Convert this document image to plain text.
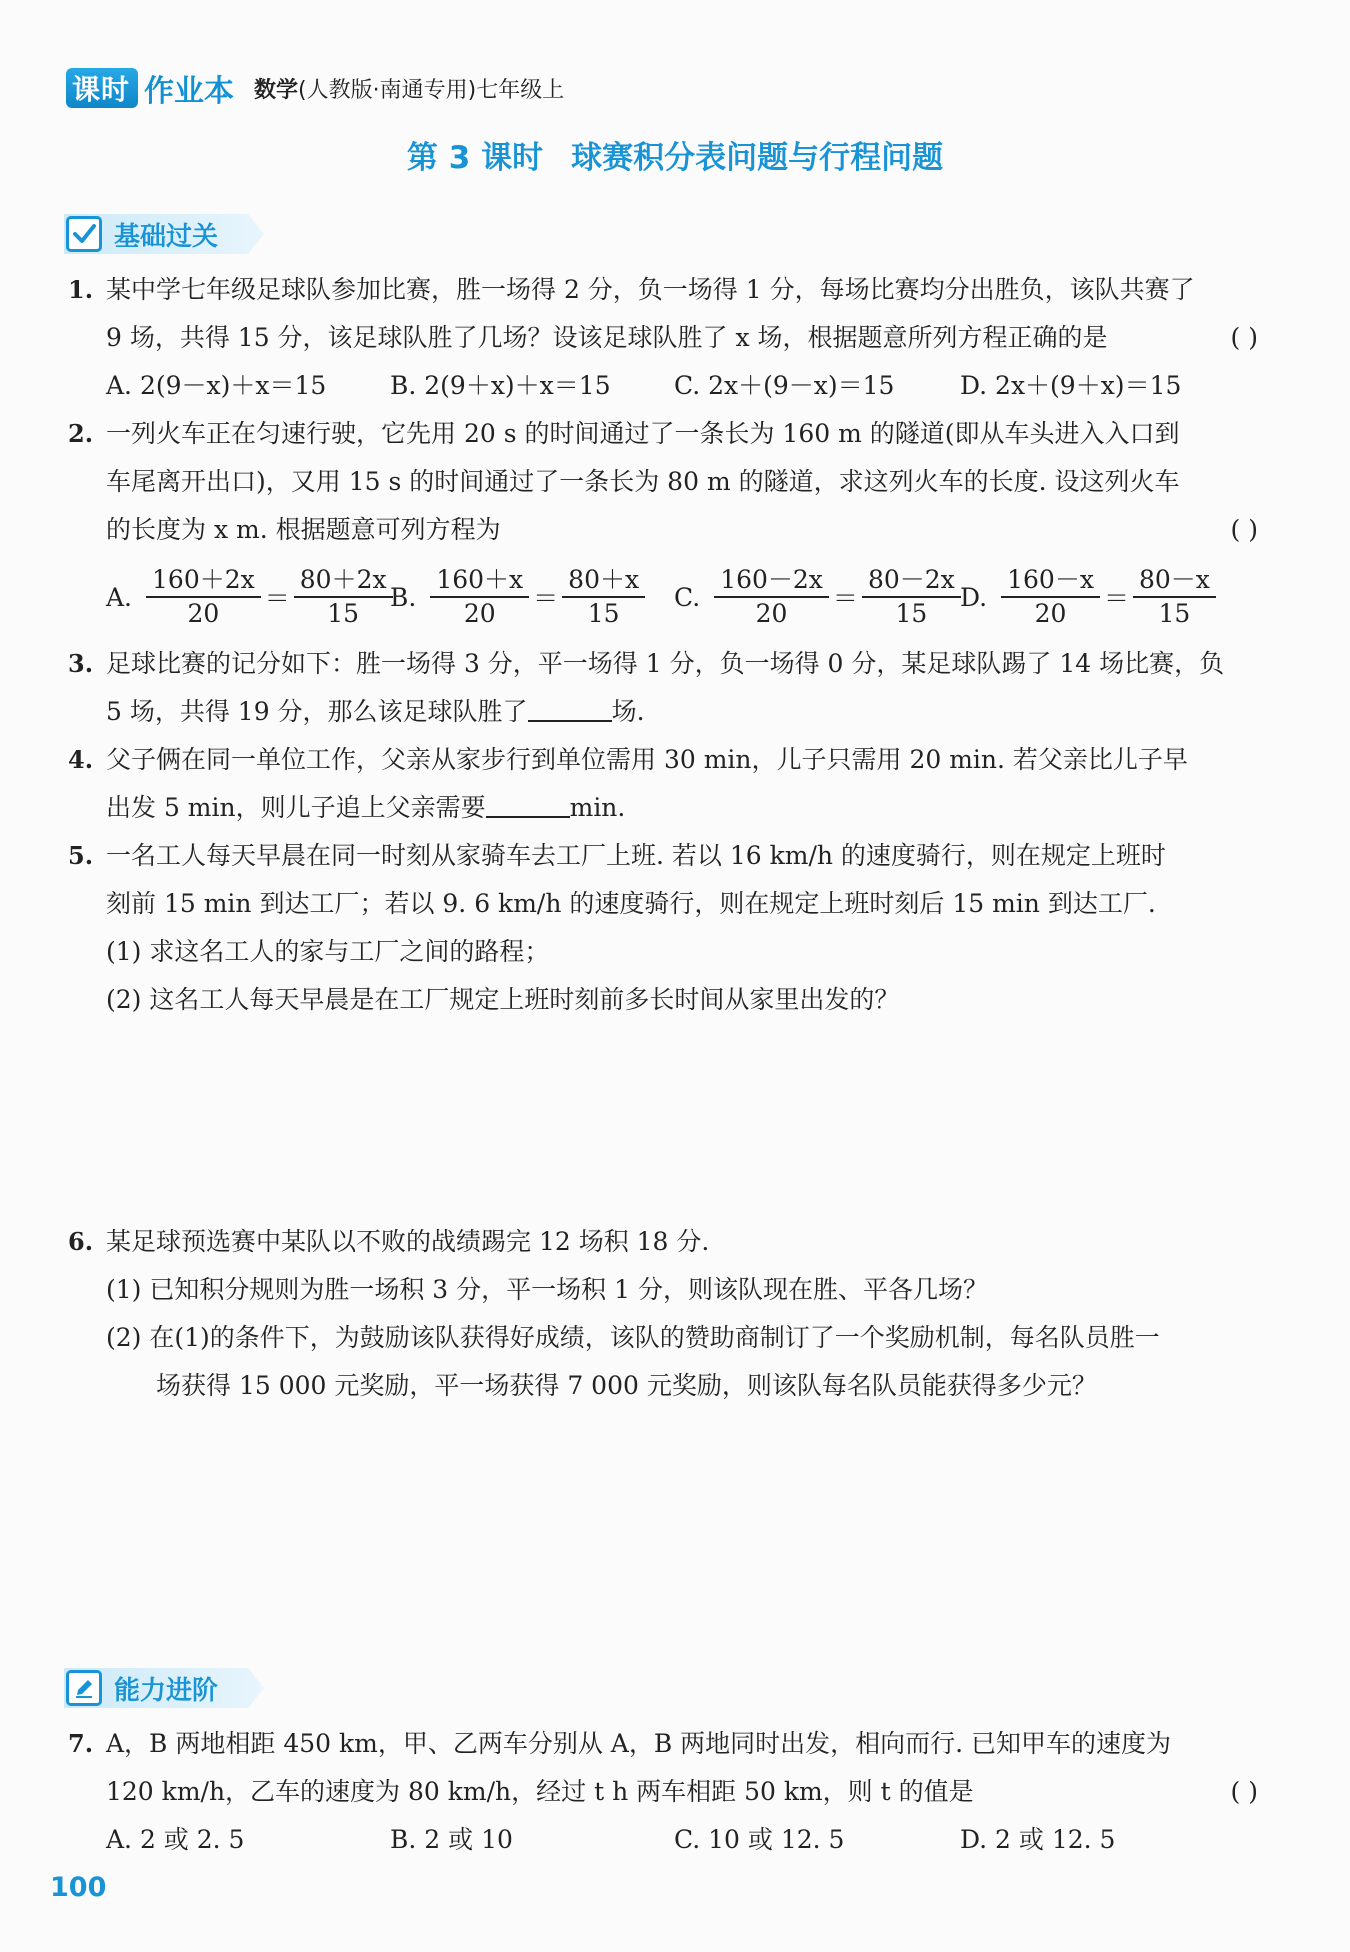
课时 作业本 数学(人教版·南通专用)七年级上
第 3 课时 球赛积分表问题与行程问题
基础过关
1. 某中学七年级足球队参加比赛，胜一场得 2 分，负一场得 1 分，每场比赛均分出胜负，该队共赛了
9 场，共得 15 分，该足球队胜了几场？设该足球队胜了 x 场，根据题意所列方程正确的是	( )
A. 2(9－x)＋x＝15	B. 2(9＋x)＋x＝15	C. 2x＋(9－x)＝15	D. 2x＋(9＋x)＝15
2. 一列火车正在匀速行驶，它先用 20 s 的时间通过了一条长为 160 m 的隧道(即从车头进入入口到
车尾离开出口)，又用 15 s 的时间通过了一条长为 80 m 的隧道，求这列火车的长度. 设这列火车
的长度为 x m. 根据题意可列方程为	( )
A. $\frac{160+2x}{20} = \frac{80+2x}{15}$
B. $\frac{160+x}{20} = \frac{80+x}{15} C$. $\frac{160-2x}{20} = \frac{80-2x}{15} D$. $\frac{160-x}{20} = \frac{80-x}{15}$
3. 足球比赛的记分如下：胜一场得 3 分，平一场得 1 分，负一场得 0 分，某足球队踢了 14 场比赛，负
5 场，共得 19 分，那么该足球队胜了	场.
4. 父子俩在同一单位工作，父亲从家步行到单位需用 30 min，儿子只需用 20 min. 若父亲比儿子早
出发 5 min，则儿子追上父亲需要	min.
5. 一名工人每天早晨在同一时刻从家骑车去工厂上班. 若以 16 km/h 的速度骑行，则在规定上班时
刻前 15 min 到达工厂；若以 9. 6 km/h 的速度骑行，则在规定上班时刻后 15 min 到达工厂.
(1) 求这名工人的家与工厂之间的路程；
(2) 这名工人每天早晨是在工厂规定上班时刻前多长时间从家里出发的？
6. 某足球预选赛中某队以不败的战绩踢完 12 场积 18 分.
(1) 已知积分规则为胜一场积 3 分，平一场积 1 分，则该队现在胜、平各几场？
(2) 在(1)的条件下，为鼓励该队获得好成绩，该队的赞助商制订了一个奖励机制，每名队员胜一
场获得 15 000 元奖励，平一场获得 7 000 元奖励，则该队每名队员能获得多少元？
能力进阶
7. A，B 两地相距 450 km，甲、乙两车分别从 A，B 两地同时出发，相向而行. 已知甲车的速度为
120 km/h，乙车的速度为 80 km/h，经过 t h 两车相距 50 km，则 t 的值是	( )
A. 2 或 2. 5	B. 2 或 10	C. 10 或 12. 5	D. 2 或 12. 5
100
